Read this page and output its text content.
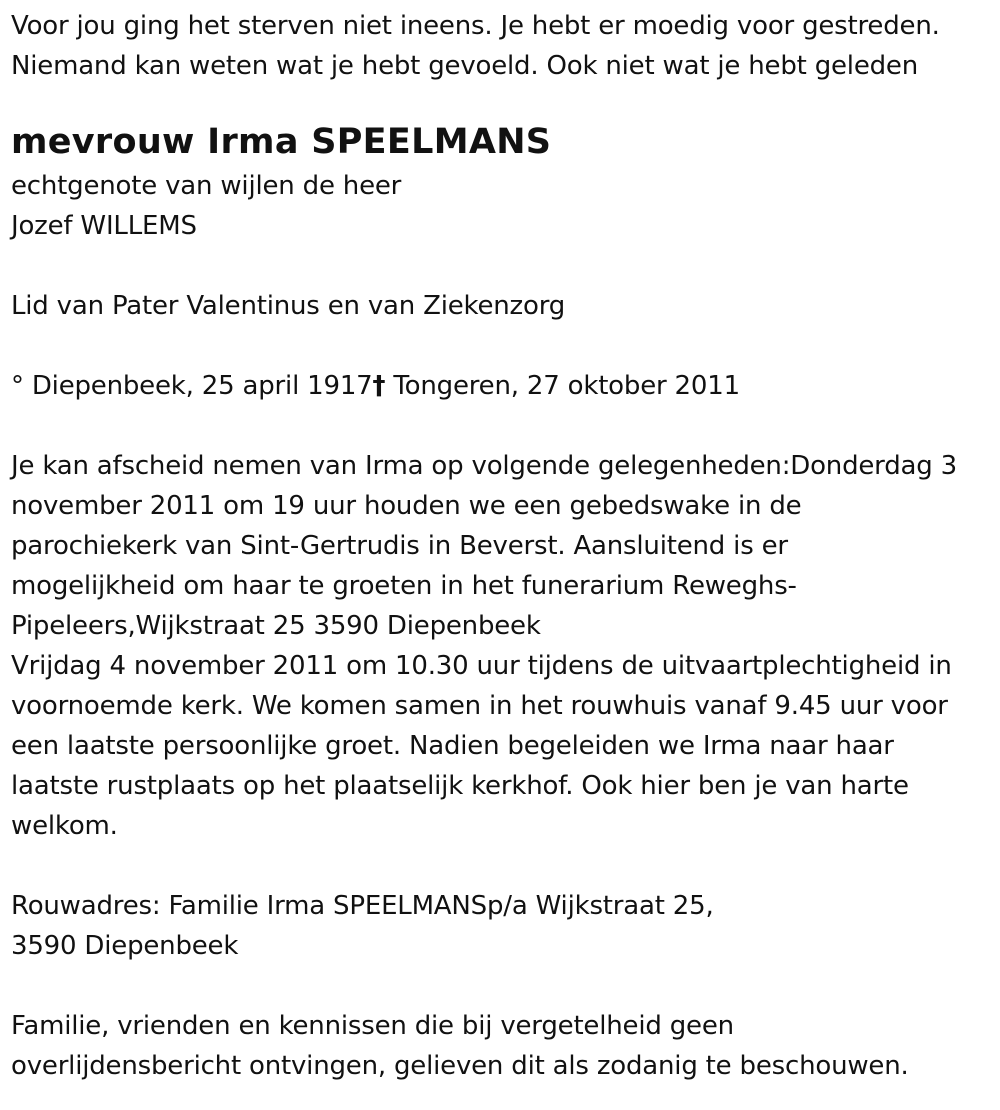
Voor jou ging het sterven niet ineens. Je hebt er moedig voor gestreden.
Niemand kan weten wat je hebt gevoeld. Ook niet wat je hebt geleden
mevrouw Irma SPEELMANS
echtgenote van wijlen de heer
Jozef WILLEMS
Lid van Pater Valentinus en van Ziekenzorg
° Diepenbeek, 25 april 1917† Tongeren, 27 oktober 2011
Je kan afscheid nemen van Irma op volgende gelegenheden:Donderdag 3
november 2011 om 19 uur houden we een gebedswake in de
parochiekerk van Sint-Gertrudis in Beverst. Aansluitend is er
mogelijkheid om haar te groeten in het funerarium Reweghs-
Pipeleers,Wijkstraat 25 3590 Diepenbeek
Vrijdag 4 november 2011 om 10.30 uur tijdens de uitvaartplechtigheid in
voornoemde kerk. We komen samen in het rouwhuis vanaf 9.45 uur voor
een laatste persoonlijke groet. Nadien begeleiden we Irma naar haar
laatste rustplaats op het plaatselijk kerkhof. Ook hier ben je van harte
welkom.
Rouwadres: Familie Irma SPEELMANSp/a Wijkstraat 25,
3590 Diepenbeek
Familie, vrienden en kennissen die bij vergetelheid geen
overlijdensbericht ontvingen, gelieven dit als zodanig te beschouwen.
